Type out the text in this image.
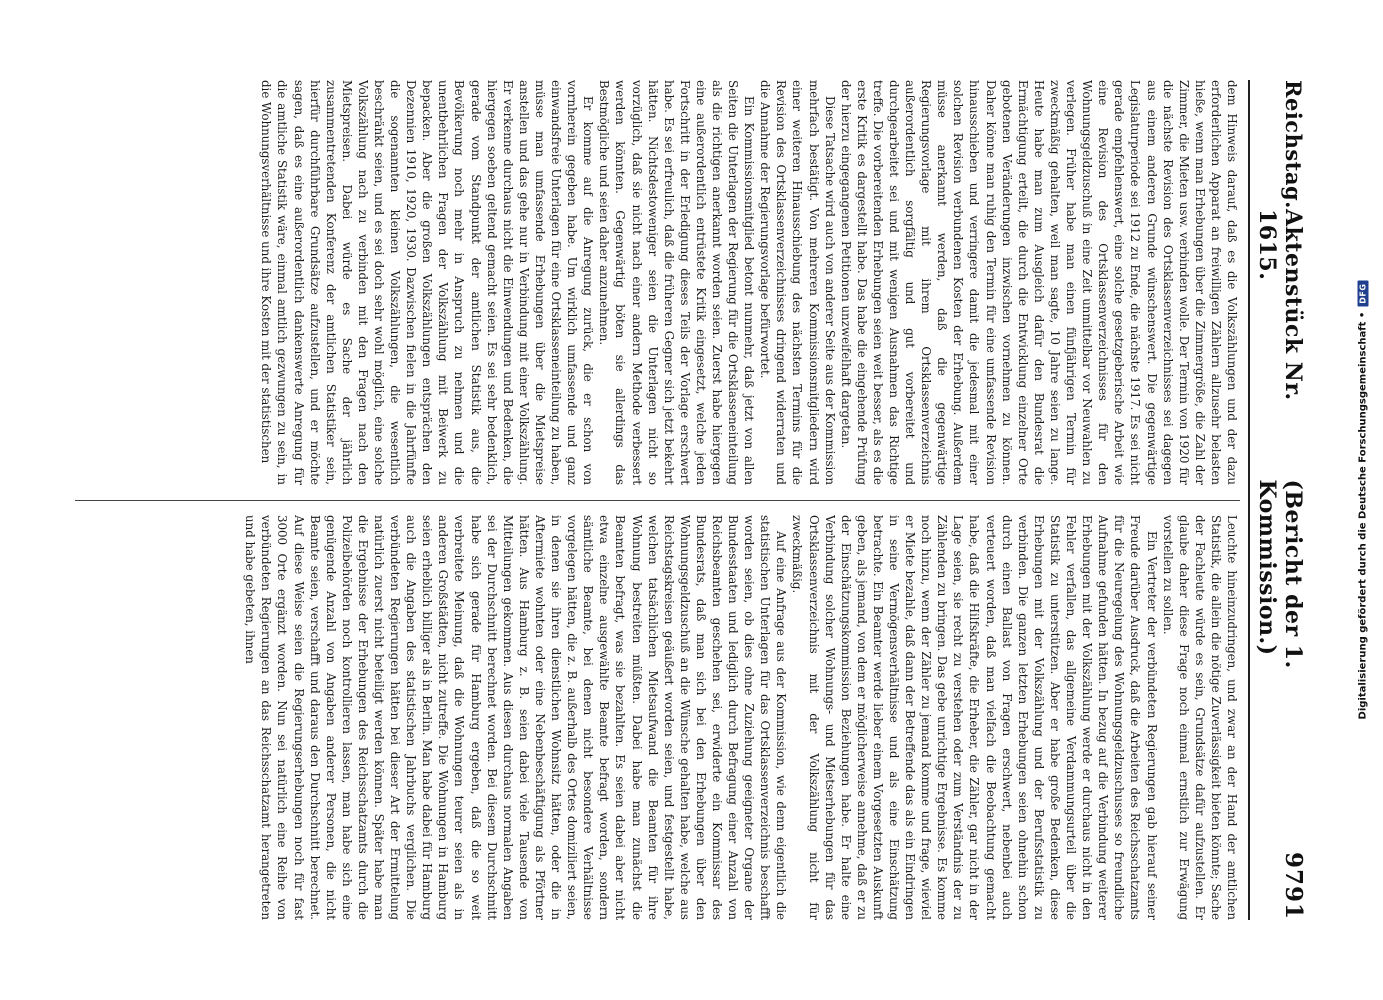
Reichstag.
Aktenstück Nr. 1615.
(Bericht der 1. Kommission.)
9791

dem Hinweis darauf, daß es die Volkszählungen und der dazu erforderlichen Apparat an freiwilligen Zählern allzusehr belasten hieße, wenn man Erhebungen über die Zimmergröße, die Zahl der Zimmer, die Mieten usw. verbinden wolle. Der Termin von 1920 für die nächste Revision des Ortsklassenverzeichnisses sei dagegen aus einem anderen Grunde wünschenswert. Die gegenwärtige Legislaturperiode sei 1912 zu Ende, die nächste 1917. Es sei nicht gerade empfehlenswert, eine solche gesetzgeberische Arbeit wie eine Revision des Ortsklassenverzeichnisses für den Wohnungsgeldzuschuß in eine Zeit unmittelbar vor Neuwahlen zu verlegen. Früher habe man einen fünfjährigen Termin für zweckmäßig gehalten, weil man sagte, 10 Jahre seien zu lange. Heute habe man zum Ausgleich dafür den Bundesrat die Ermächtigung erteilt, die durch die Entwicklung einzelner Orte gebotenen Veränderungen inzwischen vornehmen zu können. Daher könne man ruhig den Termin für eine umfassende Revision hinausschieben und verringere damit die jedesmal mit einer solchen Revision verbundenen Kosten der Erhebung. Außerdem müsse anerkannt werden, daß die gegenwärtige Regierungsvorlage mit ihrem Ortsklassenverzeichnis außerordentlich sorgfältig und gut vorbereitet und durchgearbeitet sei und mit wenigen Ausnahmen das Richtige treffe. Die vorbereitenden Erhebungen seien weit besser, als es die erste Kritik es dargestellt habe. Das habe die eingehende Prüfung der hierzu eingegangenen Petitionen unzweifelhaft dargetan.

Diese Tatsache wird auch von anderer Seite aus der Kommission mehrfach bestätigt. Von mehreren Kommissionsmitgliedern wird einer weiteren Hinausschiebung des nächsten Termins für die Revision des Ortsklassenverzeichnisses dringend widerraten und die Annahme der Regierungsvorlage befürwortet.

Ein Kommissionsmitglied betont nunmehr, daß jetzt von allen Seiten die Unterlagen der Regierung für die Ortsklasseneinteilung als die richtigen anerkannt worden seien. Zuerst habe hiergegen eine außerordentlich entrüstete Kritik eingesetzt, welche jeden Fortschritt in der Erledigung dieses Teils der Vorlage erschwert habe. Es sei erfreulich, daß die früheren Gegner sich jetzt bekehrt hätten. Nichtsdestoweniger seien die Unterlagen nicht so vorzüglich, daß sie nicht nach einer andern Methode verbessert werden könnten. Gegenwärtig böten sie allerdings das Bestmögliche und seien daher anzunehmen.

Er komme auf die Anregung zurück, die er schon von vornherein gegeben habe. Um wirklich umfassende und ganz einwandsfreie Unterlagen für eine Ortsklasseneinteilung zu haben, müsse man umfassende Erhebungen über die Mietspreise anstellen und das gehe nur in Verbindung mit einer Volkszählung. Er verkenne durchaus nicht die Einwendungen und Bedenken, die hiergegen soeben geltend gemacht seien. Es sei sehr bedenklich, gerade vom Standpunkt der amtlichen Statistik aus, die Bevölkerung noch mehr in Anspruch zu nehmen und die unentbehrlichen Fragen der Volkszählung mit Beiwerk zu bepacken. Aber die großen Volkszählungen entsprächen den Dezennien 1910, 1920, 1930. Dazwischen fielen in die Jahrfünfte die sogenannten kleinen Volkszählungen, die wesentlich beschränkt seien, und es sei doch sehr wohl möglich, eine solche Volkszählung nach zu verbinden mit den Fragen nach den Mietspreisen. Dabei würde es Sache der jährlich zusammentretenden Konferenz der amtlichen Statistiker sein, hierfür durchführbare Grundsätze aufzustellen, und er möchte sagen, daß es eine außerordentlich dankenswerte Anregung für die amtliche Statistik wäre, einmal amtlich gezwungen zu sein, in die Wohnungsverhältnisse und ihre Kosten mit der statistischen

Leuchte hineinzudringen, und zwar an der Hand der amtlichen Statistik, die allein die nötige Zuverlässigkeit bieten könnte; Sache der Fachleute würde es sein, Grundsätze dafür aufzustellen. Er glaube daher diese Frage noch einmal ernstlich zur Erwägung vorstellen zu sollen.

Ein Vertreter der verbündeten Regierungen gab hierauf seiner Freude darüber Ausdruck, daß die Arbeiten des Reichsschatzamts für die Neuregelung des Wohnungsgeldzuschusses so freundliche Aufnahme gefunden hätten. In bezug auf die Verbindung weiterer Erhebungen mit der Volkszählung werde er durchaus nicht in den Fehler verfallen, das allgemeine Verdammungsurteil über die Statistik zu unterstützen. Aber er habe große Bedenken, diese Erhebungen mit der Volkszählung und der Berufsstatistik zu verbinden. Die ganzen letzten Erhebungen seien ohnehin schon durch einen Ballast von Fragen erschwert, nebenbei auch verteuert worden, daß man vielfach die Beobachtung gemacht habe, daß die Hilfskräfte, die Erheber, die Zähler, gar nicht in der Lage seien, sie recht zu verstehen oder zum Verständnis der zu Zählenden zu bringen. Das gebe unrichtige Ergebnisse. Es komme noch hinzu, wenn der Zähler zu jemand komme und frage, wieviel er Miete bezahle, daß dann der Betreffende das als ein Eindringen in seine Vermögensverhältnisse und als eine Einschätzung betrachte. Ein Beamter werde lieber einem Vorgesetzten Auskunft geben, als jemand, von dem er möglicherweise annehme, daß er zu der Einschätzungskommission Beziehungen habe. Er halte eine Verbindung solcher Wohnungs- und Mietserhebungen für das Ortsklassenverzeichnis mit der Volkszählung nicht für zweckmäßig.

Auf eine Anfrage aus der Kommission, wie denn eigentlich die statistischen Unterlagen für das Ortsklassenverzeichnis beschafft worden seien, ob dies ohne Zuziehung geeigneter Organe der Bundesstaaten und lediglich durch Befragung einer Anzahl von Reichsbeamten geschehen sei, erwiderte ein Kommissar des Bundesrats, daß man sich bei den Erhebungen über den Wohnungsgeldzuschuß an die Wünsche gehalten habe, welche aus Reichstagskreisen geäußert worden seien, und festgestellt habe, welchen tatsächlichen Mietsaufwand die Beamten für ihre Wohnung bestreiten müßten. Dabei habe man zunächst die Beamten befragt, was sie bezahlten. Es seien dabei aber nicht etwa einzelne ausgewählte Beamte befragt worden, sondern sämtliche Beamte, bei denen nicht besondere Verhältnisse vorgelegen hätten, die z. B. außerhalb des Ortes domiziliert seien, in denen sie ihren dienstlichen Wohnsitz hätten, oder die in Aftermiete wohnten oder eine Nebenbeschäftigung als Pförtner hätten. Aus Hamburg z. B. seien dabei viele Tausende von Mitteilungen gekommen. Aus diesen durchaus normalen Angaben sei der Durchschnitt berechnet worden. Bei diesem Durchschnitt habe sich gerade für Hamburg ergeben, daß die so weit verbreitete Meinung, daß die Wohnungen teurer seien als in anderen Großstädten, nicht zutreffe. Die Wohnungen in Hamburg seien erheblich billiger als in Berlin. Man habe dabei für Hamburg auch die Angaben des statistischen Jahrbuchs verglichen. Die verbündeten Regierungen hätten bei dieser Art der Ermittelung natürlich zuerst nicht beteiligt werden können. Später habe man die Ergebnisse der Erhebungen des Reichsschatzamts durch die Polizeibehörden noch kontrollieren lassen, man habe sich eine genügende Anzahl von Angaben anderer Personen, die nicht Beamte seien, verschafft und daraus den Durchschnitt berechnet. Auf diese Weise seien die Regierungserhebungen noch für fast 3000 Orte ergänzt worden. Nun sei natürlich eine Reihe von verbündeten Regierungen an das Reichsschatzamt herangetreten und habe gebeten, ihnen	Digitalisierung gefördert durch die Deutsche Forschungsgemeinschaft •
DFG
